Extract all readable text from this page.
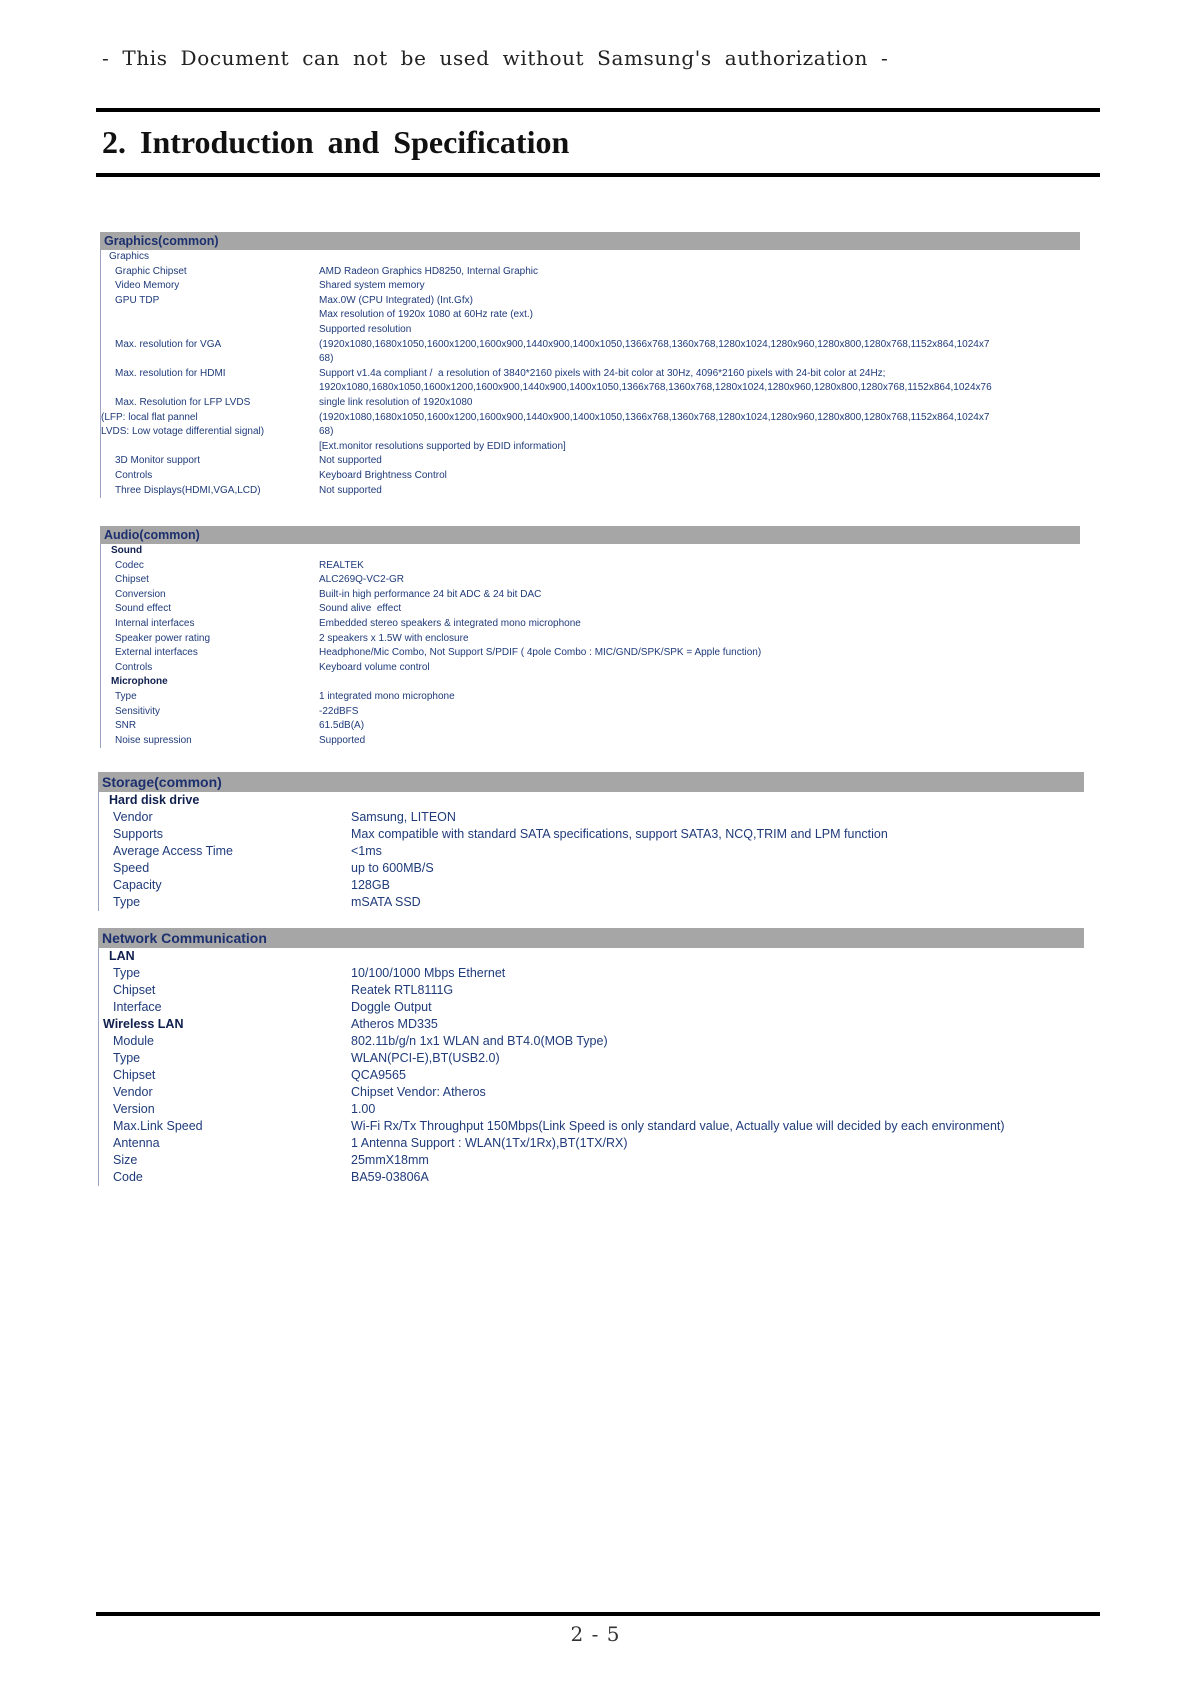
- This Document can not be used without Samsung's authorization -
2. Introduction and Specification
Graphics(common)
Graphics

Graphic Chipset	AMD Radeon Graphics HD8250, Internal Graphic
Video Memory	Shared system memory
GPU TDP	Max.0W (CPU Integrated) (Int.Gfx)
Max resolution of 1920x 1080 at 60Hz rate (ext.)
Supported resolution
Max. resolution for VGA	(1920x1080,1680x1050,1600x1200,1600x900,1440x900,1400x1050,1366x768,1360x768,1280x1024,1280x960,1280x800,1280x768,1152x864,1024x7
68)
Max. resolution for HDMI	Support v1.4a compliant /  a resolution of 3840*2160 pixels with 24-bit color at 30Hz, 4096*2160 pixels with 24-bit color at 24Hz;
1920x1080,1680x1050,1600x1200,1600x900,1440x900,1400x1050,1366x768,1360x768,1280x1024,1280x960,1280x800,1280x768,1152x864,1024x76
Max. Resolution for LFP LVDS	single link resolution of 1920x1080
(LFP: local flat pannel	(1920x1080,1680x1050,1600x1200,1600x900,1440x900,1400x1050,1366x768,1360x768,1280x1024,1280x960,1280x800,1280x768,1152x864,1024x7
LVDS: Low votage differential signal)	68)
[Ext.monitor resolutions supported by EDID information]
3D Monitor support	Not supported
Controls	Keyboard Brightness Control
Three Displays(HDMI,VGA,LCD)	Not supported
Audio(common)
Sound

Codec	REALTEK
Chipset	ALC269Q-VC2-GR
Conversion	Built-in high performance 24 bit ADC & 24 bit DAC
Sound effect	Sound alive  effect
Internal interfaces	Embedded stereo speakers & integrated mono microphone
Speaker power rating	2 speakers x 1.5W with enclosure
External interfaces	Headphone/Mic Combo, Not Support S/PDIF ( 4pole Combo : MIC/GND/SPK/SPK = Apple function)
Controls	Keyboard volume control
Microphone

Type	1 integrated mono microphone
Sensitivity	-22dBFS
SNR	61.5dB(A)
Noise supression	Supported
Storage(common)
Hard disk drive

Vendor	Samsung, LITEON
Supports	Max compatible with standard SATA specifications, support SATA3, NCQ,TRIM and LPM function
Average Access Time	<1ms
Speed	up to 600MB/S
Capacity	128GB
Type	mSATA SSD
Network Communication
LAN

Type	10/100/1000 Mbps Ethernet
Chipset	Reatek RTL8111G
Interface	Doggle Output
Wireless LAN	Atheros MD335
Module	802.11b/g/n 1x1 WLAN and BT4.0(MOB Type)
Type	WLAN(PCI-E),BT(USB2.0)
Chipset	QCA9565
Vendor	Chipset Vendor: Atheros
Version	1.00
Max.Link Speed	Wi-Fi Rx/Tx Throughput 150Mbps(Link Speed is only standard value, Actually value will decided by each environment)
Antenna	1 Antenna Support : WLAN(1Tx/1Rx),BT(1TX/RX)
Size	25mmX18mm
Code	BA59-03806A
2 - 5
